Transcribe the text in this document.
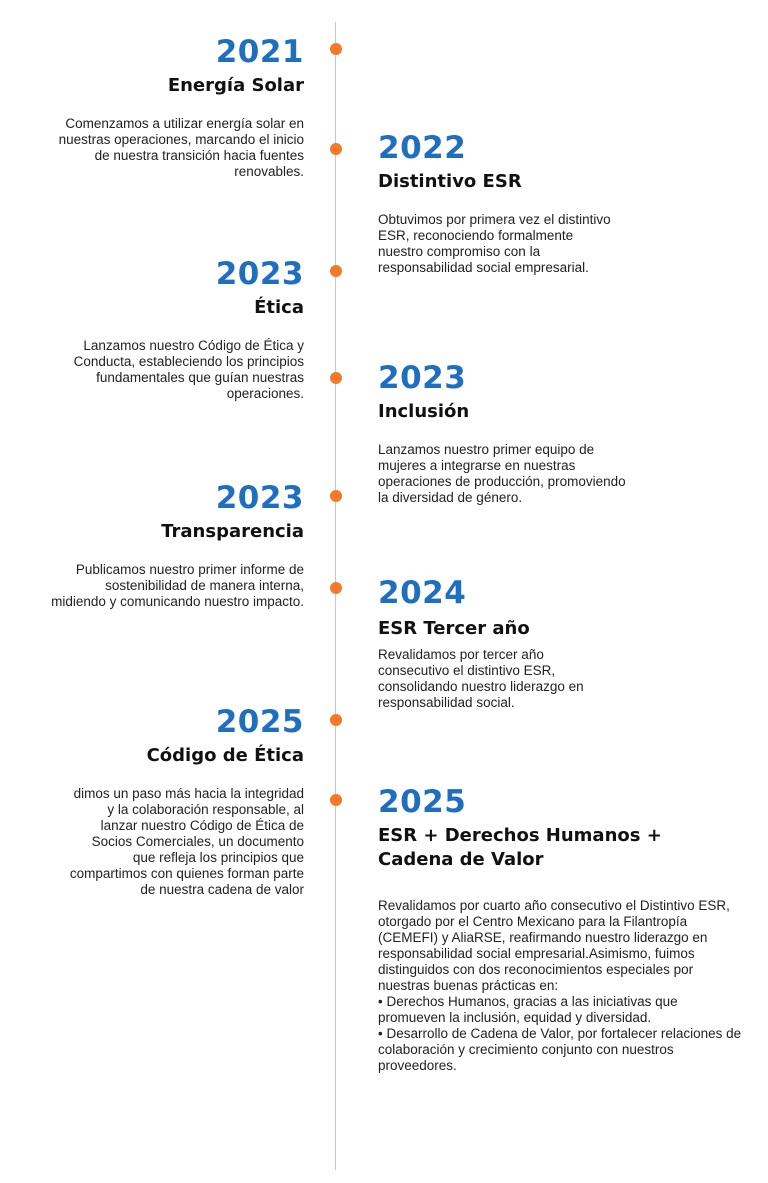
2021
Energía Solar
Comenzamos a utilizar energía solar en nuestras operaciones, marcando el inicio de nuestra transición hacia fuentes renovables.
2022
Distintivo ESR
Obtuvimos por primera vez el distintivo ESR, reconociendo formalmente nuestro compromiso con la responsabilidad social empresarial.
2023
Ética
Lanzamos nuestro Código de Ética y Conducta, estableciendo los principios fundamentales que guían nuestras operaciones. 2023
Inclusión
Lanzamos nuestro primer equipo de mujeres a integrarse en nuestras operaciones de producción, promoviendo la diversidad de género.
2023
Transparencia
Publicamos nuestro primer informe de sostenibilidad de manera interna, midiendo y comunicando nuestro impacto. 2024
ESR Tercer año
Revalidamos por tercer año consecutivo el distintivo ESR, consolidando nuestro liderazgo en responsabilidad social.
2025
Código de Ética
dimos un paso más hacia la integridad y la colaboración responsable, al lanzar nuestro Código de Ética de Socios Comerciales, un documento que refleja los principios que compartimos con quienes forman parte de nuestra cadena de valor
2025
ESR + Derechos Humanos + Cadena de Valor
Revalidamos por cuarto año consecutivo el Distintivo ESR, otorgado por el Centro Mexicano para la Filantropía (CEMEFI) y AliaRSE, reafirmando nuestro liderazgo en responsabilidad social empresarial.Asimismo, fuimos distinguidos con dos reconocimientos especiales por nuestras buenas prácticas en:
• Derechos Humanos, gracias a las iniciativas que promueven la inclusión, equidad y diversidad.
• Desarrollo de Cadena de Valor, por fortalecer relaciones de colaboración y crecimiento conjunto con nuestros proveedores.
